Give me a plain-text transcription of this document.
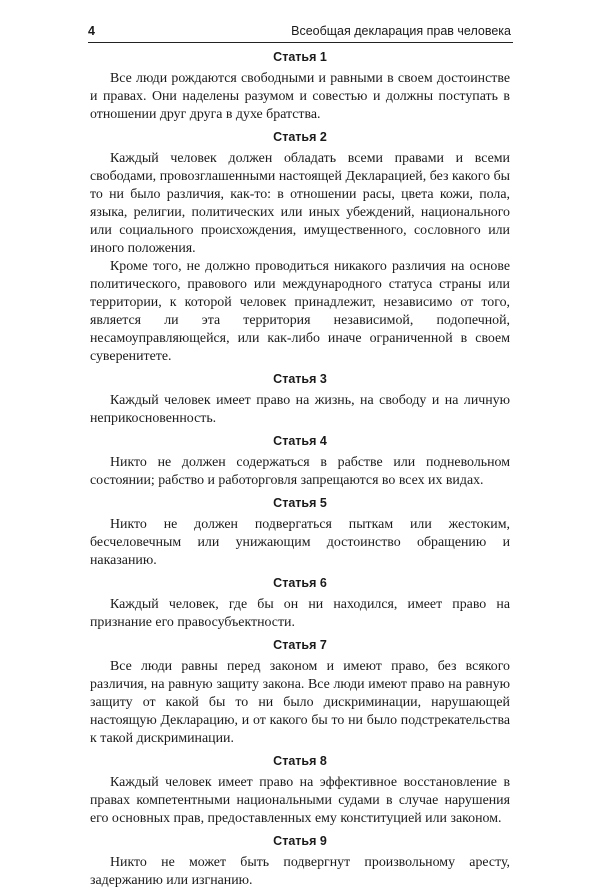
4	Всеобщая декларация прав человека
Статья 1

Все люди рождаются свободными и равными в своем достоинстве и правах. Они наделены разумом и совестью и должны поступать в отношении друг друга в духе братства.

Статья 2

Каждый человек должен обладать всеми правами и всеми свободами, провозглашенными настоящей Декларацией, без какого бы то ни было различия, как-то: в отношении расы, цвета кожи, пола, языка, религии, политических или иных убеждений, национального или социального происхождения, имущественного, сословного или иного положения.

Кроме того, не должно проводиться никакого различия на основе политического, правового или международного статуса страны или территории, к которой человек принадлежит, независимо от того, является ли эта территория независимой, подопечной, несамоуправляющейся, или как-либо иначе ограниченной в своем суверенитете.

Статья 3

Каждый человек имеет право на жизнь, на свободу и на личную неприкосновенность.

Статья 4

Никто не должен содержаться в рабстве или подневольном состоянии; рабство и работорговля запрещаются во всех их видах.

Статья 5

Никто не должен подвергаться пыткам или жестоким, бесчеловечным или унижающим достоинство обращению и наказанию.

Статья 6

Каждый человек, где бы он ни находился, имеет право на признание его правосубъектности.

Статья 7

Все люди равны перед законом и имеют право, без всякого различия, на равную защиту закона. Все люди имеют право на равную защиту от какой бы то ни было дискриминации, нарушающей настоящую Декларацию, и от какого бы то ни было подстрекательства к такой дискриминации.

Статья 8

Каждый человек имеет право на эффективное восстановление в правах компетентными национальными судами в случае нарушения его основных прав, предоставленных ему конституцией или законом.

Статья 9

Никто не может быть подвергнут произвольному аресту, задержанию или изгнанию.
